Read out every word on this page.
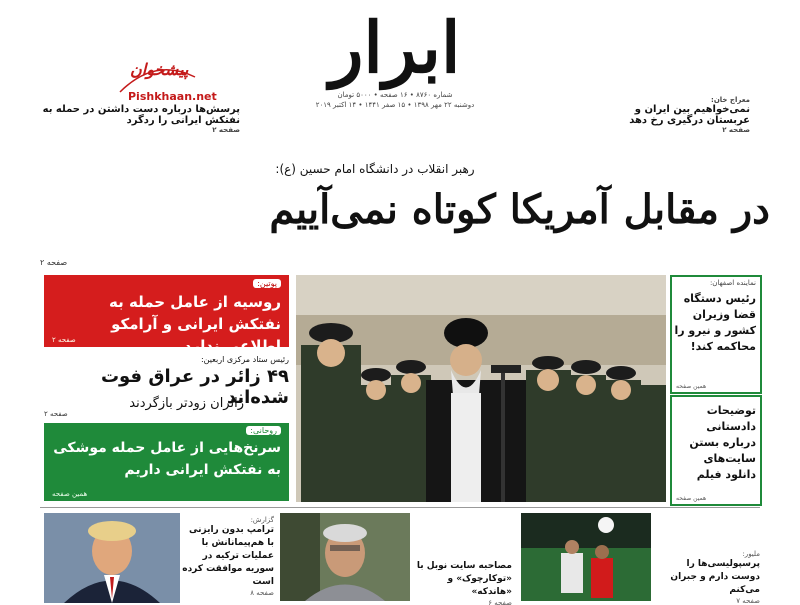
ابرار
شماره ۸۷۶۰ • ۱۶ صفحه • ۵۰۰۰ تومان
دوشنبه ۲۲ مهر ۱۳۹۸ • ۱۵ صفر ۱۴۴۱ • ۱۴ اکتبر ۲۰۱۹
پیشخوان
Pishkhaan.net
پرسش‌ها درباره دست داشتن در حمله به نفتکش ایرانی را ردگرد
صفحه ۲
معراج خان:
نمی‌خواهیم بین ایران و عربستان درگیری رخ دهد
صفحه ۲
رهبر انقلاب در دانشگاه امام حسین (ع):
در مقابل آمریکا کوتاه نمی‌آییم
صفحه ۲
پوتین:
روسیه از عامل حمله به نفتکش ایرانی و آرامکو اطلاعی ندارد
صفحه ۲
رئیس ستاد مرکزی اربعین:
۴۹ زائر در عراق فوت شده‌اند
زائران زودتر بازگردند
صفحه ۲
روحانی:
سرنخ‌هایی از عامل حمله موشکی به نفتکش ایرانی داریم
همین صفحه
نماینده اصفهان:
رئیس دستگاه قضا وزیران کشور و نیرو را محاکمه کند!
همین صفحه
توضیحات دادستانی درباره بستن سایت‌های دانلود فیلم
همین صفحه
گزارش:
ترامپ بدون رایزنی با هم‌پیمانانش با عملیات ترکیه در سوریه موافقت کرده است
صفحه ۸
مصاحبه سایت نوبل با «توکارچوک» و «هاندکه»
صفحه ۶
ملیور:
پرسپولیسی‌ها را دوست دارم و جبران می‌کنم
صفحه ۷
